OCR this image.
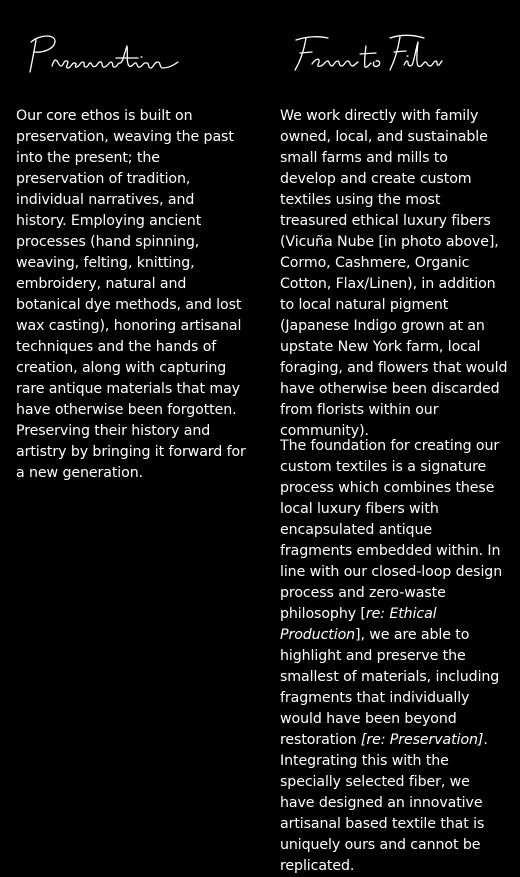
Our core ethos is built on preservation, weaving the past into the present; the preservation of tradition, individual narratives, and history. Employing ancient processes (hand spinning, weaving, felting, knitting, embroidery, natural and botanical dye methods, and lost wax casting), honoring artisanal techniques and the hands of creation, along with capturing rare antique materials that may have otherwise been forgotten. Preserving their history and artistry by bringing it forward for a new generation.

We work directly with family owned, local, and sustainable small farms and mills to develop and create custom textiles using the most treasured ethical luxury fibers (Vicuña Nube [in photo above], Cormo, Cashmere, Organic Cotton, Flax/Linen), in addition to local natural pigment (Japanese Indigo grown at an upstate New York farm, local foraging, and flowers that would have otherwise been discarded from florists within our community).

The foundation for creating our custom textiles is a signature process which combines these local luxury fibers with encapsulated antique fragments embedded within. In line with our closed-loop design process and zero-waste philosophy [re: Ethical Production], we are able to highlight and preserve the smallest of materials, including fragments that individually would have been beyond restoration [re: Preservation]. Integrating this with the specially selected fiber, we have designed an innovative artisanal based textile that is uniquely ours and cannot be replicated.
